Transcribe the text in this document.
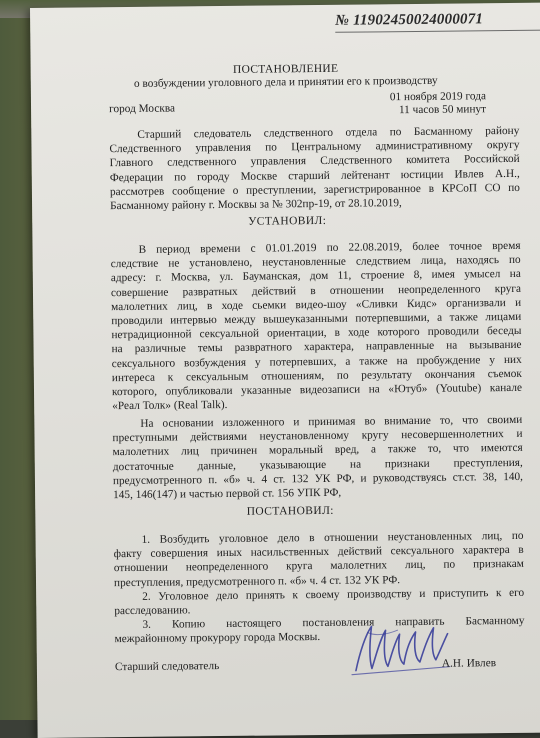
№ 11902450024000071
ПОСТАНОВЛЕНИЕ
о возбуждении уголовного дела и принятии его к производству
город Москва
01 ноября 2019 года
11 часов 50 минут
Старший следователь следственного отдела по Басманному району
Следственного управления по Центральному административному округу
Главного следственного управления Следственного комитета Российской
Федерации по городу Москве старший лейтенант юстиции Ивлев А.Н.,
рассмотрев сообщение о преступлении, зарегистрированное в КРСоП СО по
Басманному району г. Москвы за № 302пр-19, от 28.10.2019,
УСТАНОВИЛ:
В период времени с 01.01.2019 по 22.08.2019, более точное время
следствие не установлено, неустановленные следствием лица, находясь по
адресу: г. Москва, ул. Бауманская, дом 11, строение 8, имея умысел на
совершение развратных действий в отношении неопределенного круга
малолетних лиц, в ходе сьемки видео-шоу «Сливки Кидс» организвали и
проводили интервью между вышеуказанными потерпевшими, а также лицами
нетрадиционной сексуальной ориентации, в ходе которого проводили беседы
на различные темы развратного характера, направленные на вызывание
сексуального возбуждения у потерпевших, а также на пробуждение у них
интереса к сексуальным отношениям, по результату окончания съемок
которого, опубликовали указанные видеозаписи на «Ютуб» (Youtube) канале
«Реал Толк» (Real Talk).
На основании изложенного и принимая во внимание то, что своими
преступными действиями неустановленному кругу несовершеннолетних и
малолетних лиц причинен моральный вред, а также то, что имеются
достаточные данные, указывающие на признаки преступления,
предусмотренного п. «б» ч. 4 ст. 132 УК РФ, и руководствуясь ст.ст. 38, 140,
145, 146(147) и частью первой ст. 156 УПК РФ,
ПОСТАНОВИЛ:
1. Возбудить уголовное дело в отношении неустановленных лиц, по
факту совершения иных насильственных действий сексуального характера в
отношении неопределенного круга малолетних лиц, по признакам
преступления, предусмотренного п. «б» ч. 4 ст. 132 УК РФ.
2. Уголовное дело принять к своему производству и приступить к его
расследованию.
3. Копию настоящего постановления направить Басманному
межрайонному прокурору города Москвы.
Старший следователь	А.Н. Ивлев
